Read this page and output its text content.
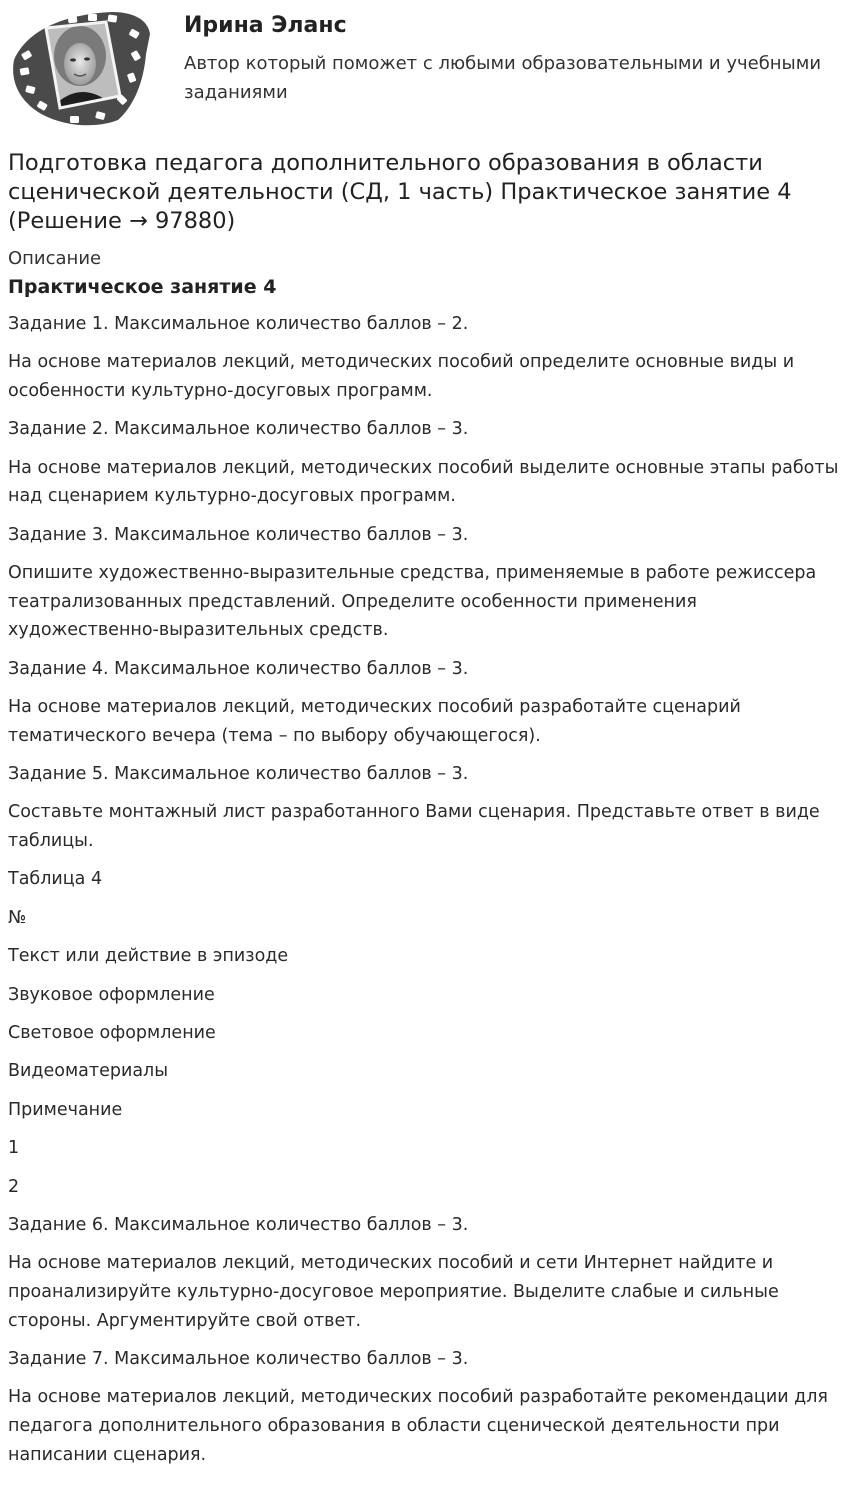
Ирина Эланс
Автор который поможет с любыми образовательными и учебными заданиями
Подготовка педагога дополнительного образования в области сценической деятельности (СД, 1 часть) Практическое занятие 4 (Решение → 97880)
Описание
Практическое занятие 4

Задание 1. Максимальное количество баллов – 2.

На основе материалов лекций, методических пособий определите основные виды и особенности культурно-досуговых программ.

Задание 2. Максимальное количество баллов – 3.

На основе материалов лекций, методических пособий выделите основные этапы работы над сценарием культурно-досуговых программ.

Задание 3. Максимальное количество баллов – 3.

Опишите художественно-выразительные средства, применяемые в работе режиссера театрализованных представлений. Определите особенности применения художественно-выразительных средств.

Задание 4. Максимальное количество баллов – 3.

На основе материалов лекций, методических пособий разработайте сценарий тематического вечера (тема – по выбору обучающегося).

Задание 5. Максимальное количество баллов – 3.

Составьте монтажный лист разработанного Вами сценария. Представьте ответ в виде таблицы.

Таблица 4

№

Текст или действие в эпизоде

Звуковое оформление

Световое оформление

Видеоматериалы

Примечание

1

2

Задание 6. Максимальное количество баллов – 3.

На основе материалов лекций, методических пособий и сети Интернет найдите и проанализируйте культурно-досуговое мероприятие. Выделите слабые и сильные стороны. Аргументируйте свой ответ.

Задание 7. Максимальное количество баллов – 3.

На основе материалов лекций, методических пособий разработайте рекомендации для педагога дополнительного образования в области сценической деятельности при написании сценария.
